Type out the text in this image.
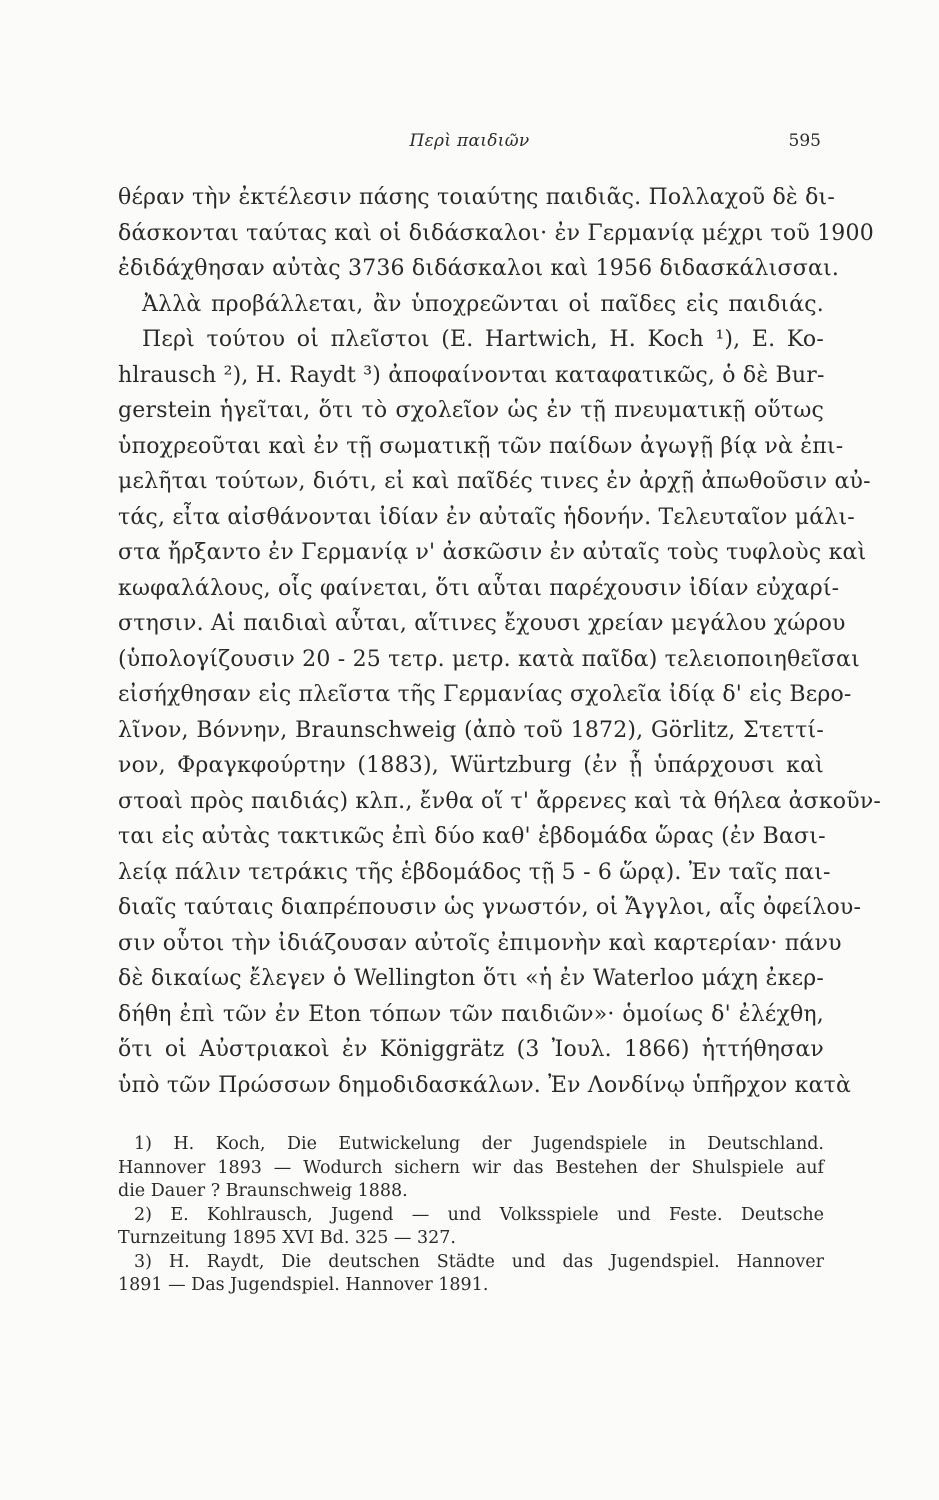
Περὶ παιδιῶν	595
θέραν τὴν ἐκτέλεσιν πάσης τοιαύτης παιδιᾶς. Πολλαχοῦ δὲ δι-
δάσκονται ταύτας καὶ οἱ διδάσκαλοι· ἐν Γερμανίᾳ μέχρι τοῦ 1900
ἐδιδάχθησαν αὐτὰς 3736 διδάσκαλοι καὶ 1956 διδασκάλισσαι.
Ἀλλὰ προβάλλεται, ἂν ὑποχρεῶνται οἱ παῖδες εἰς παιδιάς.
Περὶ τούτου οἱ πλεῖστοι (E. Hartwich, H. Koch ¹), E. Ko-
hlrausch ²), H. Raydt ³) ἀποφαίνονται καταφατικῶς, ὁ δὲ Bur-
gerstein ἡγεῖται, ὅτι τὸ σχολεῖον ὡς ἐν τῇ πνευματικῇ οὕτως
ὑποχρεοῦται καὶ ἐν τῇ σωματικῇ τῶν παίδων ἀγωγῇ βίᾳ νὰ ἐπι-
μελῆται τούτων, διότι, εἰ καὶ παῖδές τινες ἐν ἀρχῇ ἀπωθοῦσιν αὐ-
τάς, εἶτα αἰσθάνονται ἰδίαν ἐν αὐταῖς ἡδονήν. Τελευταῖον μάλι-
στα ἤρξαντο ἐν Γερμανίᾳ ν' ἀσκῶσιν ἐν αὐταῖς τοὺς τυφλοὺς καὶ
κωφαλάλους, οἷς φαίνεται, ὅτι αὗται παρέχουσιν ἰδίαν εὐχαρί-
στησιν. Αἱ παιδιαὶ αὗται, αἵτινες ἔχουσι χρείαν μεγάλου χώρου
(ὑπολογίζουσιν 20 - 25 τετρ. μετρ. κατὰ παῖδα) τελειοποιηθεῖσαι
εἰσήχθησαν εἰς πλεῖστα τῆς Γερμανίας σχολεῖα ἰδίᾳ δ' εἰς Βερο-
λῖνον, Βόννην, Braunschweig (ἀπὸ τοῦ 1872), Görlitz, Στεττί-
νον, Φραγκφούρτην (1883), Würtzburg (ἐν ᾗ ὑπάρχουσι καὶ
στοαὶ πρὸς παιδιάς) κλπ., ἔνθα οἵ τ' ἄρρενες καὶ τὰ θήλεα ἀσκοῦν-
ται εἰς αὐτὰς τακτικῶς ἐπὶ δύο καθ' ἑβδομάδα ὥρας (ἐν Βασι-
λείᾳ πάλιν τετράκις τῆς ἑβδομάδος τῇ 5 - 6 ὥρᾳ). Ἐν ταῖς παι-
διαῖς ταύταις διαπρέπουσιν ὡς γνωστόν, οἱ Ἄγγλοι, αἷς ὀφείλου-
σιν οὗτοι τὴν ἰδιάζουσαν αὐτοῖς ἐπιμονὴν καὶ καρτερίαν· πάνυ
δὲ δικαίως ἔλεγεν ὁ Wellington ὅτι «ἡ ἐν Waterloo μάχη ἐκερ-
δήθη ἐπὶ τῶν ἐν Eton τόπων τῶν παιδιῶν»· ὁμοίως δ' ἐλέχθη,
ὅτι οἱ Αὐστριακοὶ ἐν Königgrätz (3 Ἰουλ. 1866) ἡττήθησαν
ὑπὸ τῶν Πρώσσων δημοδιδασκάλων. Ἐν Λονδίνῳ ὑπῆρχον κατὰ
1) H. Koch, Die Eutwickelung der Jugendspiele in Deutschland.
Hannover 1893 — Wodurch sichern wir das Bestehen der Shulspiele auf
die Dauer ? Braunschweig 1888.
2) E. Kohlrausch, Jugend — und Volksspiele und Feste. Deutsche
Turnzeitung 1895 XVI Bd. 325 — 327.
3) H. Raydt, Die deutschen Städte und das Jugendspiel. Hannover
1891 — Das Jugendspiel. Hannover 1891.
